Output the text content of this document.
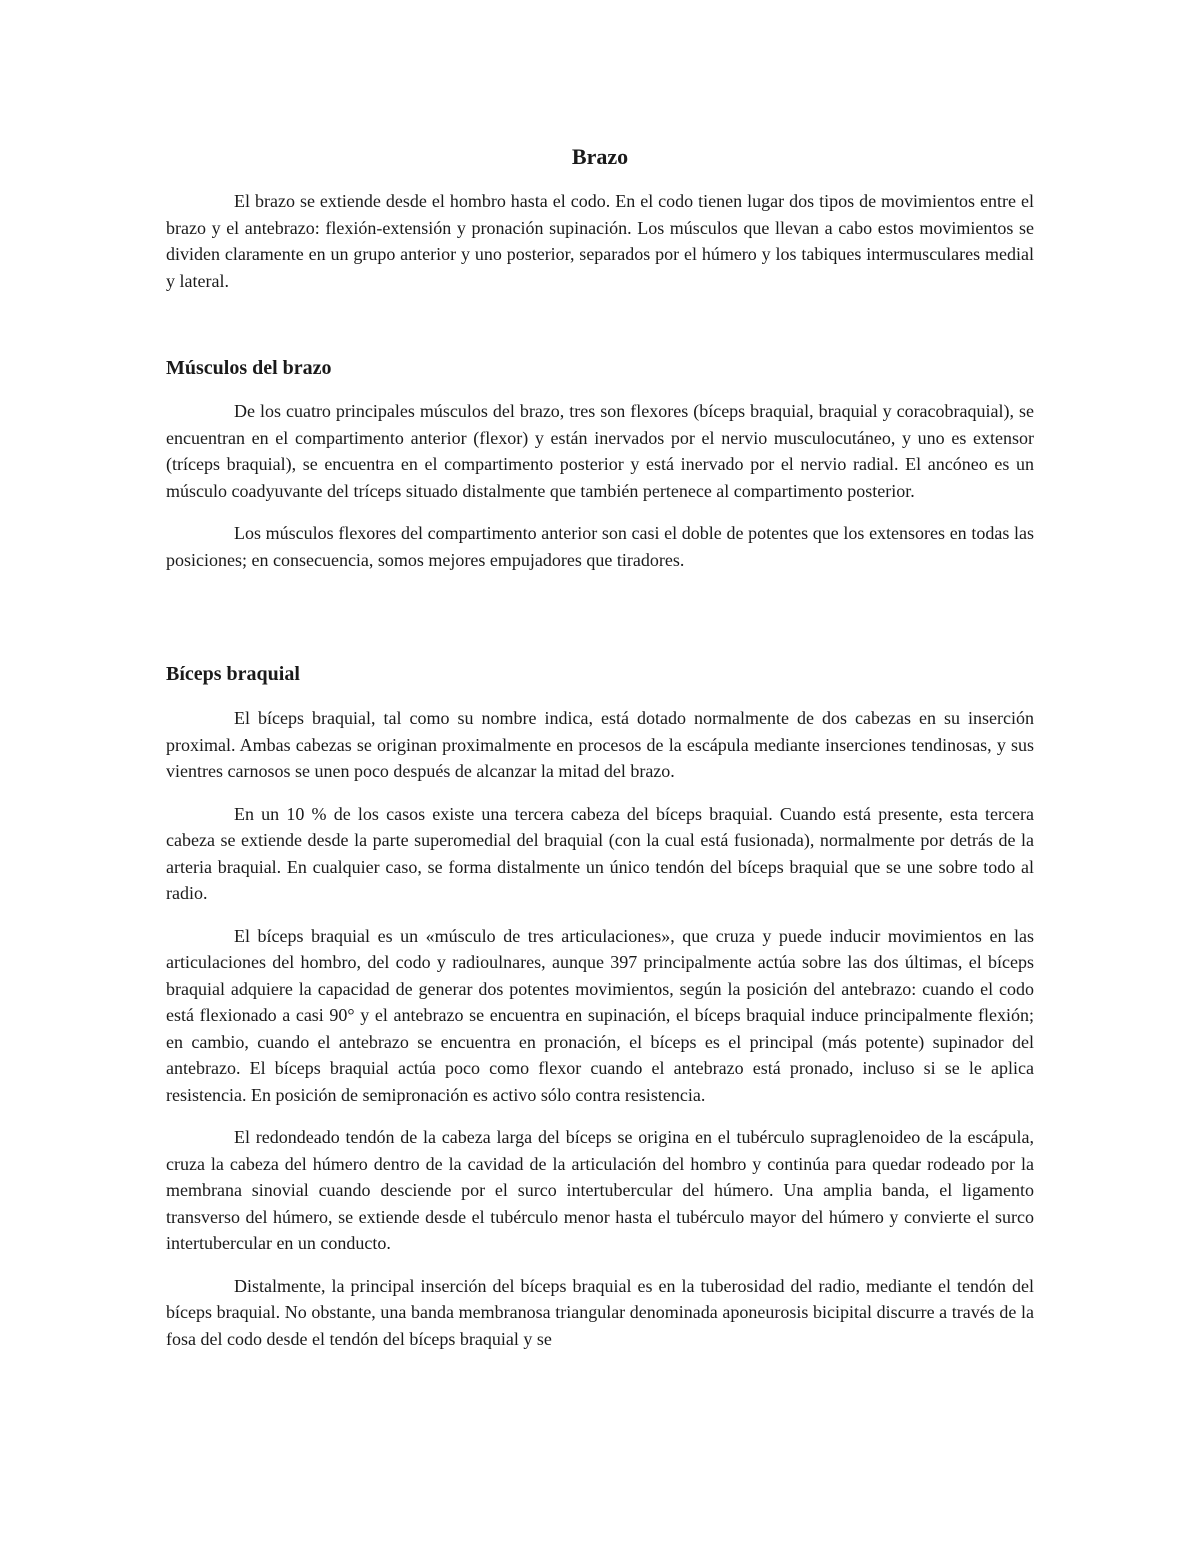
Brazo

El brazo se extiende desde el hombro hasta el codo. En el codo tienen lugar dos tipos de movimientos entre el brazo y el antebrazo: flexión-extensión y pronación supinación. Los músculos que llevan a cabo estos movimientos se dividen claramente en un grupo anterior y uno posterior, separados por el húmero y los tabiques intermusculares medial y lateral.

Músculos del brazo

De los cuatro principales músculos del brazo, tres son flexores (bíceps braquial, braquial y coracobraquial), se encuentran en el compartimento anterior (flexor) y están inervados por el nervio musculocutáneo, y uno es extensor (tríceps braquial), se encuentra en el compartimento posterior y está inervado por el nervio radial. El ancóneo es un músculo coadyuvante del tríceps situado distalmente que también pertenece al compartimento posterior.

Los músculos flexores del compartimento anterior son casi el doble de potentes que los extensores en todas las posiciones; en consecuencia, somos mejores empujadores que tiradores.

Bíceps braquial

El bíceps braquial, tal como su nombre indica, está dotado normalmente de dos cabezas en su inserción proximal. Ambas cabezas se originan proximalmente en procesos de la escápula mediante inserciones tendinosas, y sus vientres carnosos se unen poco después de alcanzar la mitad del brazo.

En un 10 % de los casos existe una tercera cabeza del bíceps braquial. Cuando está presente, esta tercera cabeza se extiende desde la parte superomedial del braquial (con la cual está fusionada), normalmente por detrás de la arteria braquial. En cualquier caso, se forma distalmente un único tendón del bíceps braquial que se une sobre todo al radio.

El bíceps braquial es un «músculo de tres articulaciones», que cruza y puede inducir movimientos en las articulaciones del hombro, del codo y radioulnares, aunque 397 principalmente actúa sobre las dos últimas, el bíceps braquial adquiere la capacidad de generar dos potentes movimientos, según la posición del antebrazo: cuando el codo está flexionado a casi 90° y el antebrazo se encuentra en supinación, el bíceps braquial induce principalmente flexión; en cambio, cuando el antebrazo se encuentra en pronación, el bíceps es el principal (más potente) supinador del antebrazo. El bíceps braquial actúa poco como flexor cuando el antebrazo está pronado, incluso si se le aplica resistencia. En posición de semipronación es activo sólo contra resistencia.

El redondeado tendón de la cabeza larga del bíceps se origina en el tubérculo supraglenoideo de la escápula, cruza la cabeza del húmero dentro de la cavidad de la articulación del hombro y continúa para quedar rodeado por la membrana sinovial cuando desciende por el surco intertubercular del húmero. Una amplia banda, el ligamento transverso del húmero, se extiende desde el tubérculo menor hasta el tubérculo mayor del húmero y convierte el surco intertubercular en un conducto.

Distalmente, la principal inserción del bíceps braquial es en la tuberosidad del radio, mediante el tendón del bíceps braquial. No obstante, una banda membranosa triangular denominada aponeurosis bicipital discurre a través de la fosa del codo desde el tendón del bíceps braquial y se
